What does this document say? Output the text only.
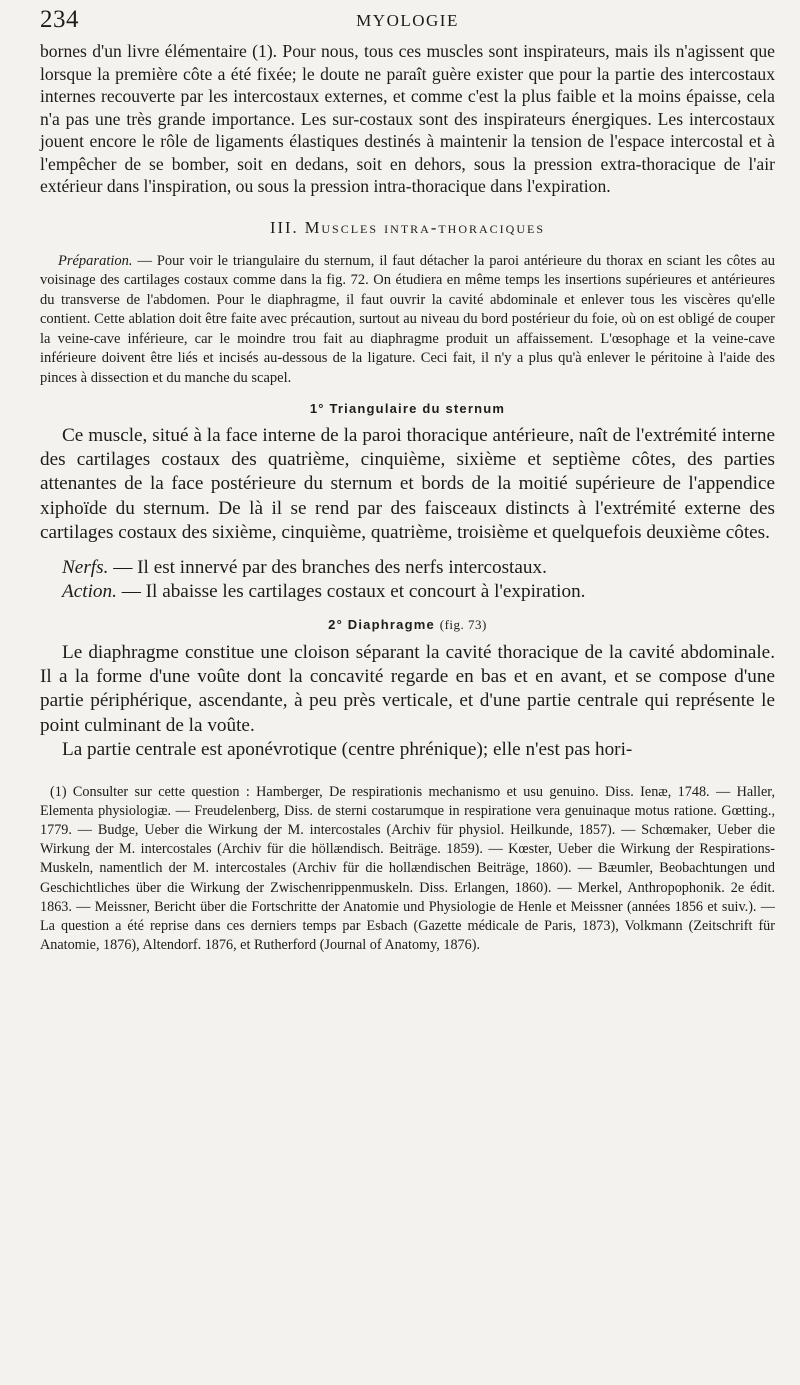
234	MYOLOGIE

bornes d'un livre élémentaire (1). Pour nous, tous ces muscles sont inspirateurs, mais ils n'agissent que lorsque la première côte a été fixée; le doute ne paraît guère exister que pour la partie des intercostaux internes recouverte par les intercostaux externes, et comme c'est la plus faible et la moins épaisse, cela n'a pas une très grande importance. Les sur-costaux sont des inspirateurs énergiques. Les intercostaux jouent encore le rôle de ligaments élastiques destinés à maintenir la tension de l'espace intercostal et à l'empêcher de se bomber, soit en dedans, soit en dehors, sous la pression extra-thoracique de l'air extérieur dans l'inspiration, ou sous la pression intra-thoracique dans l'expiration.

III. Muscles intra-thoraciques

Préparation. — Pour voir le triangulaire du sternum, il faut détacher la paroi antérieure du thorax en sciant les côtes au voisinage des cartilages costaux comme dans la fig. 72. On étudiera en même temps les insertions supérieures et antérieures du transverse de l'abdomen. Pour le diaphragme, il faut ouvrir la cavité abdominale et enlever tous les viscères qu'elle contient. Cette ablation doit être faite avec précaution, surtout au niveau du bord postérieur du foie, où on est obligé de couper la veine-cave inférieure, car le moindre trou fait au diaphragme produit un affaissement. L'œsophage et la veine-cave inférieure doivent être liés et incisés au-dessous de la ligature. Ceci fait, il n'y a plus qu'à enlever le péritoine à l'aide des pinces à dissection et du manche du scapel.

1° Triangulaire du sternum

Ce muscle, situé à la face interne de la paroi thoracique antérieure, naît de l'extrémité interne des cartilages costaux des quatrième, cinquième, sixième et septième côtes, des parties attenantes de la face postérieure du sternum et bords de la moitié supérieure de l'appendice xiphoïde du sternum. De là il se rend par des faisceaux distincts à l'extrémité externe des cartilages costaux des sixième, cinquième, quatrième, troisième et quelquefois deuxième côtes.

Nerfs. — Il est innervé par des branches des nerfs intercostaux.

Action. — Il abaisse les cartilages costaux et concourt à l'expiration.

2° Diaphragme (fig. 73)

Le diaphragme constitue une cloison séparant la cavité thoracique de la cavité abdominale. Il a la forme d'une voûte dont la concavité regarde en bas et en avant, et se compose d'une partie périphérique, ascendante, à peu près verticale, et d'une partie centrale qui représente le point culminant de la voûte.

La partie centrale est aponévrotique (centre phrénique); elle n'est pas hori-

(1) Consulter sur cette question : Hamberger, De respirationis mechanismo et usu genuino. Diss. Ienæ, 1748. — Haller, Elementa physiologiæ. — Freudelenberg, Diss. de sterni costarumque in respiratione vera genuinaque motus ratione. Gœtting., 1779. — Budge, Ueber die Wirkung der M. intercostales (Archiv für physiol. Heilkunde, 1857). — Schœmaker, Ueber die Wirkung der M. intercostales (Archiv für die höllændisch. Beiträge. 1859). — Kœster, Ueber die Wirkung der Respirations-Muskeln, namentlich der M. intercostales (Archiv für die hollændischen Beiträge, 1860). — Bæumler, Beobachtungen und Geschichtliches über die Wirkung der Zwischenrippenmuskeln. Diss. Erlangen, 1860). — Merkel, Anthropophonik. 2e édit. 1863. — Meissner, Bericht über die Fortschritte der Anatomie und Physiologie de Henle et Meissner (années 1856 et suiv.). — La question a été reprise dans ces derniers temps par Esbach (Gazette médicale de Paris, 1873), Volkmann (Zeitschrift für Anatomie, 1876), Altendorf. 1876, et Rutherford (Journal of Anatomy, 1876).
